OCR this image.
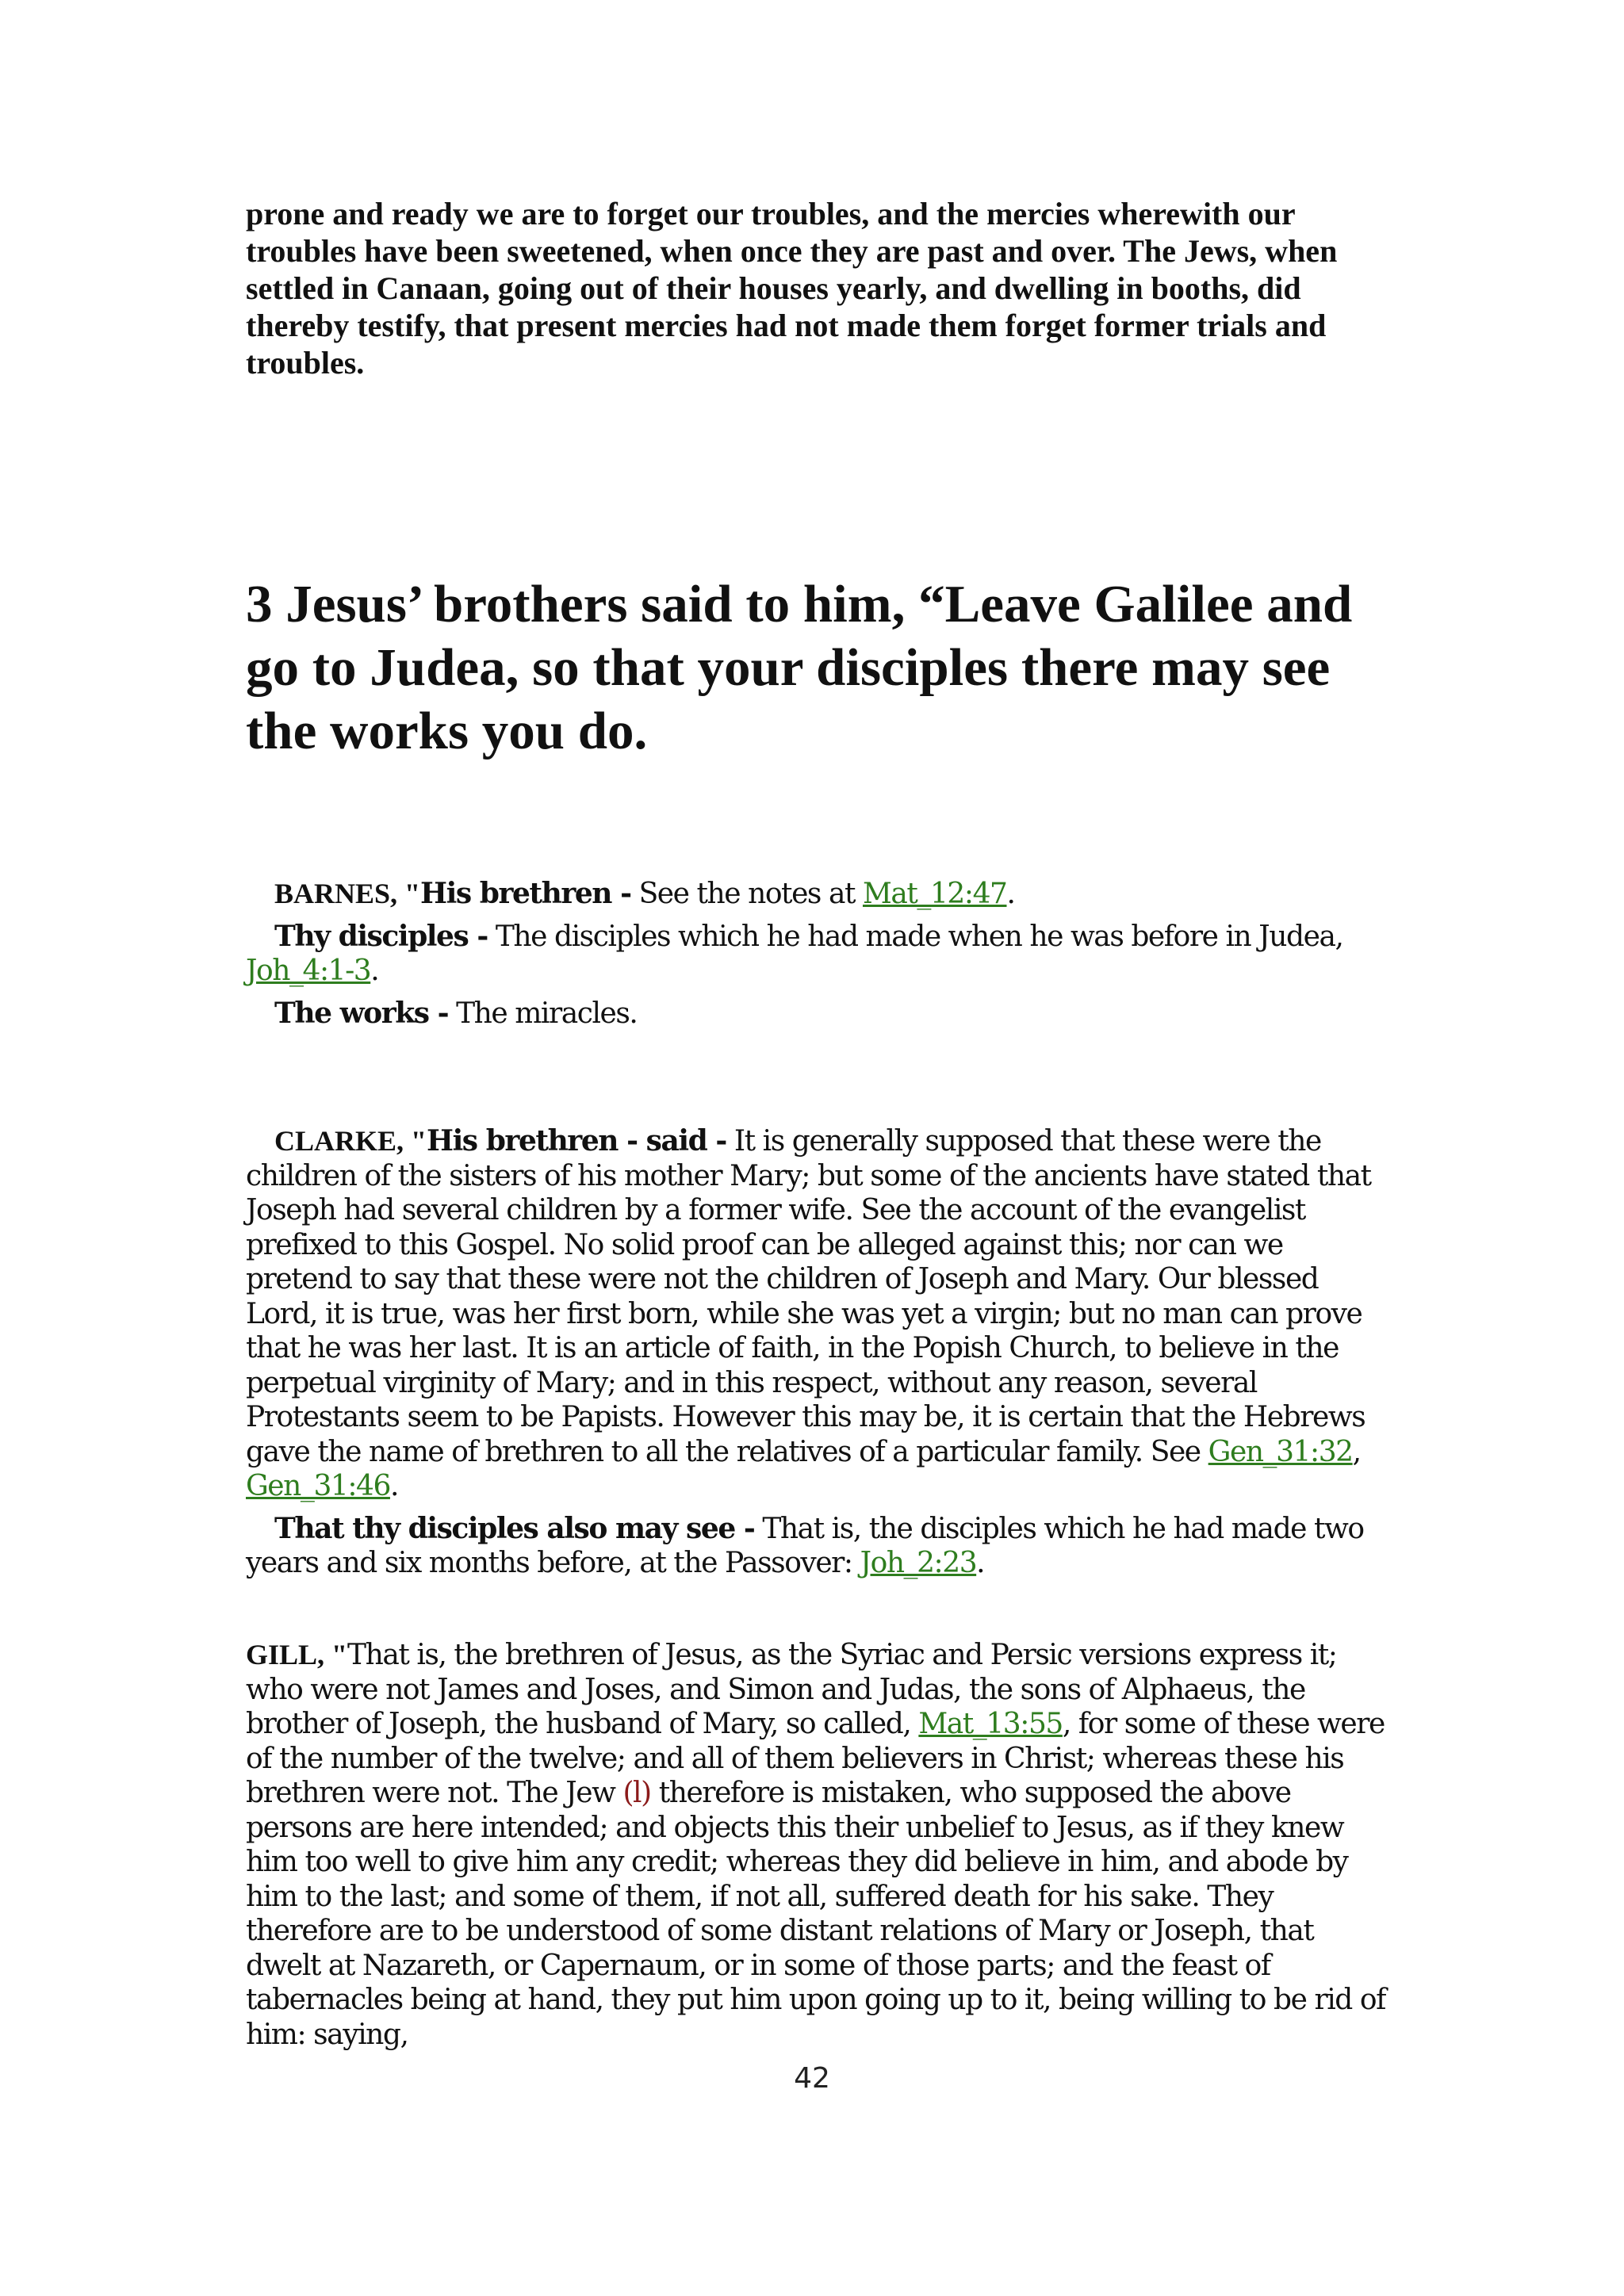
prone and ready we are to forget our troubles, and the mercies wherewith our troubles have been sweetened, when once they are past and over. The Jews, when settled in Canaan, going out of their houses yearly, and dwelling in booths, did thereby testify, that present mercies had not made them forget former trials and troubles.

3 Jesus’ brothers said to him, “Leave Galilee and go to Judea, so that your disciples there may see the works you do.

BARNES, "His brethren - See the notes at Mat_12:47.

Thy disciples - The disciples which he had made when he was before in Judea, Joh_4:1-3.

The works - The miracles.

CLARKE, "His brethren - said - It is generally supposed that these were the children of the sisters of his mother Mary; but some of the ancients have stated that Joseph had several children by a former wife. See the account of the evangelist prefixed to this Gospel. No solid proof can be alleged against this; nor can we pretend to say that these were not the children of Joseph and Mary. Our blessed Lord, it is true, was her first born, while she was yet a virgin; but no man can prove that he was her last. It is an article of faith, in the Popish Church, to believe in the perpetual virginity of Mary; and in this respect, without any reason, several Protestants seem to be Papists. However this may be, it is certain that the Hebrews gave the name of brethren to all the relatives of a particular family. See Gen_31:32, Gen_31:46.

That thy disciples also may see - That is, the disciples which he had made two years and six months before, at the Passover: Joh_2:23.

GILL, "That is, the brethren of Jesus, as the Syriac and Persic versions express it; who were not James and Joses, and Simon and Judas, the sons of Alphaeus, the brother of Joseph, the husband of Mary, so called, Mat_13:55, for some of these were of the number of the twelve; and all of them believers in Christ; whereas these his brethren were not. The Jew (l) therefore is mistaken, who supposed the above persons are here intended; and objects this their unbelief to Jesus, as if they knew him too well to give him any credit; whereas they did believe in him, and abode by him to the last; and some of them, if not all, suffered death for his sake. They therefore are to be understood of some distant relations of Mary or Joseph, that dwelt at Nazareth, or Capernaum, or in some of those parts; and the feast of tabernacles being at hand, they put him upon going up to it, being willing to be rid of him: saying,

42
